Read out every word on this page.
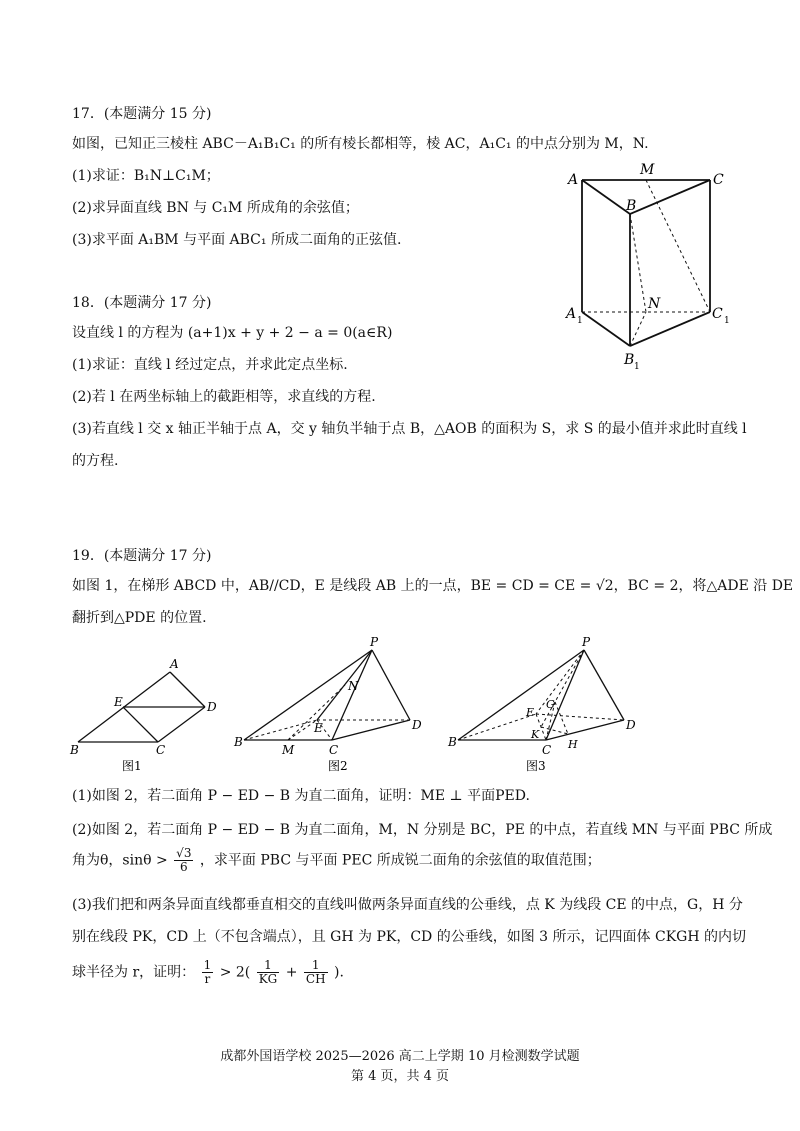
17．(本题满分 15 分)
如图，已知正三棱柱 ABC－A₁B₁C₁ 的所有棱长都相等，棱 AC，A₁C₁ 的中点分别为 M，N.
(1)求证：B₁N⊥C₁M；
(2)求异面直线 BN 与 C₁M 所成角的余弦值；
(3)求平面 A₁BM 与平面 ABC₁ 所成二面角的正弦值.
A
M
C
B
N
A 1	C 1
B 1
18．(本题满分 17 分)
设直线 l 的方程为 (a+1)x + y + 2 − a = 0(a∈R)
(1)求证：直线 l 经过定点，并求此定点坐标.
(2)若 l 在两坐标轴上的截距相等，求直线的方程.
(3)若直线 l 交 x 轴正半轴于点 A，交 y 轴负半轴于点 B，△AOB 的面积为 S，求 S 的最小值并求此时直线 l
的方程.
19．(本题满分 17 分)
如图 1，在梯形 ABCD 中，AB//CD，E 是线段 AB 上的一点，BE = CD = CE = √2，BC = 2，将△ADE 沿 DE
翻折到△PDE 的位置.
A
E	D
B	C
图1
P
N
E	D
B
M	C
图2
P
G
E
K
D
B
C H
图3
(1)如图 2，若二面角 P − ED − B 为直二面角，证明：ME ⊥ 平面PED.
(2)如图 2，若二面角 P − ED − B 为直二面角，M，N 分别是 BC，PE 的中点，若直线 MN 与平面 PBC 所成
角为θ，$\sin\theta > \frac{√3}{6}$ ，求平面 PBC 与平面 PEC 所成锐二面角的余弦值的取值范围；
(3)我们把和两条异面直线都垂直相交的直线叫做两条异面直线的公垂线，点 K 为线段 CE 的中点，G，H 分
别在线段 PK，CD 上（不包含端点），且 GH 为 PK，CD 的公垂线，如图 3 所示，记四面体 CKGH 的内切
球半径为 r，证明： $\frac{1}{r} > 2( \frac{1}{KG} + \frac{1}{CH}$ ).
成都外国语学校 2025—2026 高二上学期 10 月检测数学试题
第 4 页，共 4 页
